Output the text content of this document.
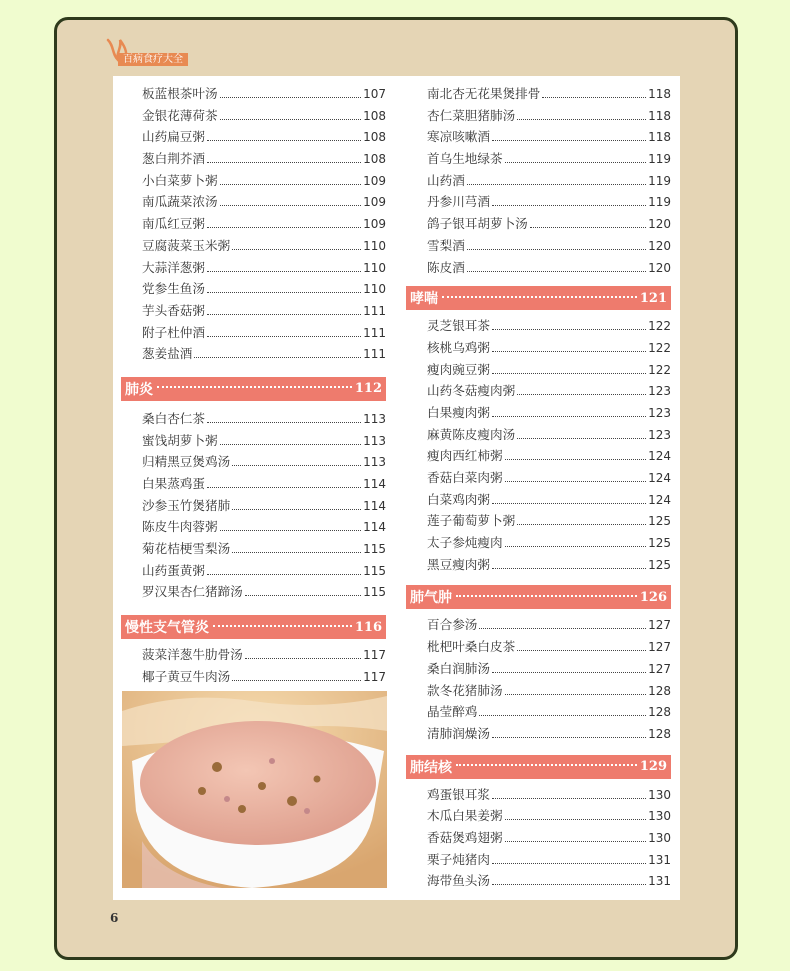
百病食疗大全
板蓝根茶叶汤	107
金银花薄荷茶	108
山药扁豆粥	108
葱白荆芥酒	108
小白菜萝卜粥	109
南瓜蔬菜浓汤	109
南瓜红豆粥	109
豆腐菠菜玉米粥	110
大蒜洋葱粥	110
党参生鱼汤	110
芋头香菇粥	111
附子杜仲酒	111
葱姜盐酒	111
肺炎	112
桑白杏仁茶	113
蜜饯胡萝卜粥	113
归精黑豆煲鸡汤	113
白果蒸鸡蛋	114
沙参玉竹煲猪肺	114
陈皮牛肉蓉粥	114
菊花桔梗雪梨汤	115
山药蛋黄粥	115
罗汉果杏仁猪蹄汤	115
慢性支气管炎	116
菠菜洋葱牛肋骨汤	117
椰子黄豆牛肉汤	117
南北杏无花果煲排骨	118
杏仁菜胆猪肺汤	118
寒凉咳嗽酒	118
首乌生地绿茶	119
山药酒	119
丹参川芎酒	119
鸽子银耳胡萝卜汤	120
雪梨酒	120
陈皮酒	120
哮喘	121
灵芝银耳茶	122
核桃乌鸡粥	122
瘦肉豌豆粥	122
山药冬菇瘦肉粥	123
白果瘦肉粥	123
麻黄陈皮瘦肉汤	123
瘦肉西红柿粥	124
香菇白菜肉粥	124
白菜鸡肉粥	124
莲子葡萄萝卜粥	125
太子参炖瘦肉	125
黑豆瘦肉粥	125
肺气肿	126
百合参汤	127
枇杷叶桑白皮茶	127
桑白润肺汤	127
款冬花猪肺汤	128
晶莹醉鸡	128
清肺润燥汤	128
肺结核	129
鸡蛋银耳浆	130
木瓜白果姜粥	130
香菇煲鸡翅粥	130
栗子炖猪肉	131
海带鱼头汤	131
6
